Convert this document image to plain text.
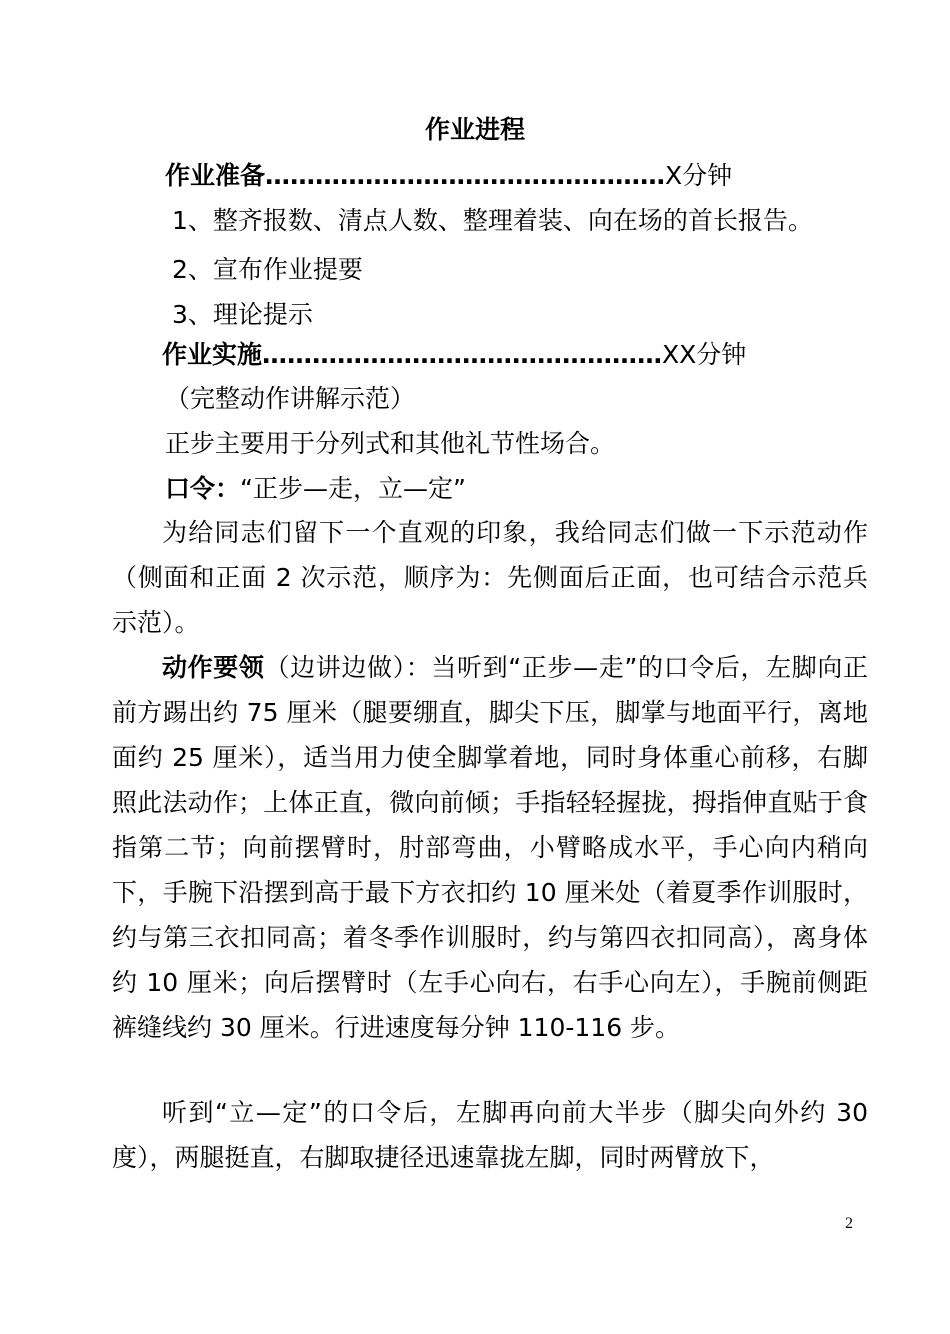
作业进程
作业准备…………………………………………X分钟
1、整齐报数、清点人数、整理着装、向在场的首长报告。
2、宣布作业提要
3、理论提示
作业实施…………………………………………XX分钟
（完整动作讲解示范）
正步主要用于分列式和其他礼节性场合。
口令：“正步—走，立—定”
为给同志们留下一个直观的印象，我给同志们做一下示范动作（侧面和正面 2 次示范，顺序为：先侧面后正面，也可结合示范兵示范）。
动作要领（边讲边做）：当听到“正步—走”的口令后，左脚向正前方踢出约 75 厘米（腿要绷直，脚尖下压，脚掌与地面平行，离地面约 25 厘米），适当用力使全脚掌着地，同时身体重心前移，右脚照此法动作；上体正直，微向前倾；手指轻轻握拢，拇指伸直贴于食指第二节；向前摆臂时，肘部弯曲，小臂略成水平，手心向内稍向下，手腕下沿摆到高于最下方衣扣约 10 厘米处（着夏季作训服时，约与第三衣扣同高；着冬季作训服时，约与第四衣扣同高），离身体约 10 厘米；向后摆臂时（左手心向右，右手心向左），手腕前侧距裤缝线约 30 厘米。行进速度每分钟 110-116 步。
听到“立—定”的口令后，左脚再向前大半步（脚尖向外约 30 度），两腿挺直，右脚取捷径迅速靠拢左脚，同时两臂放下，
2
